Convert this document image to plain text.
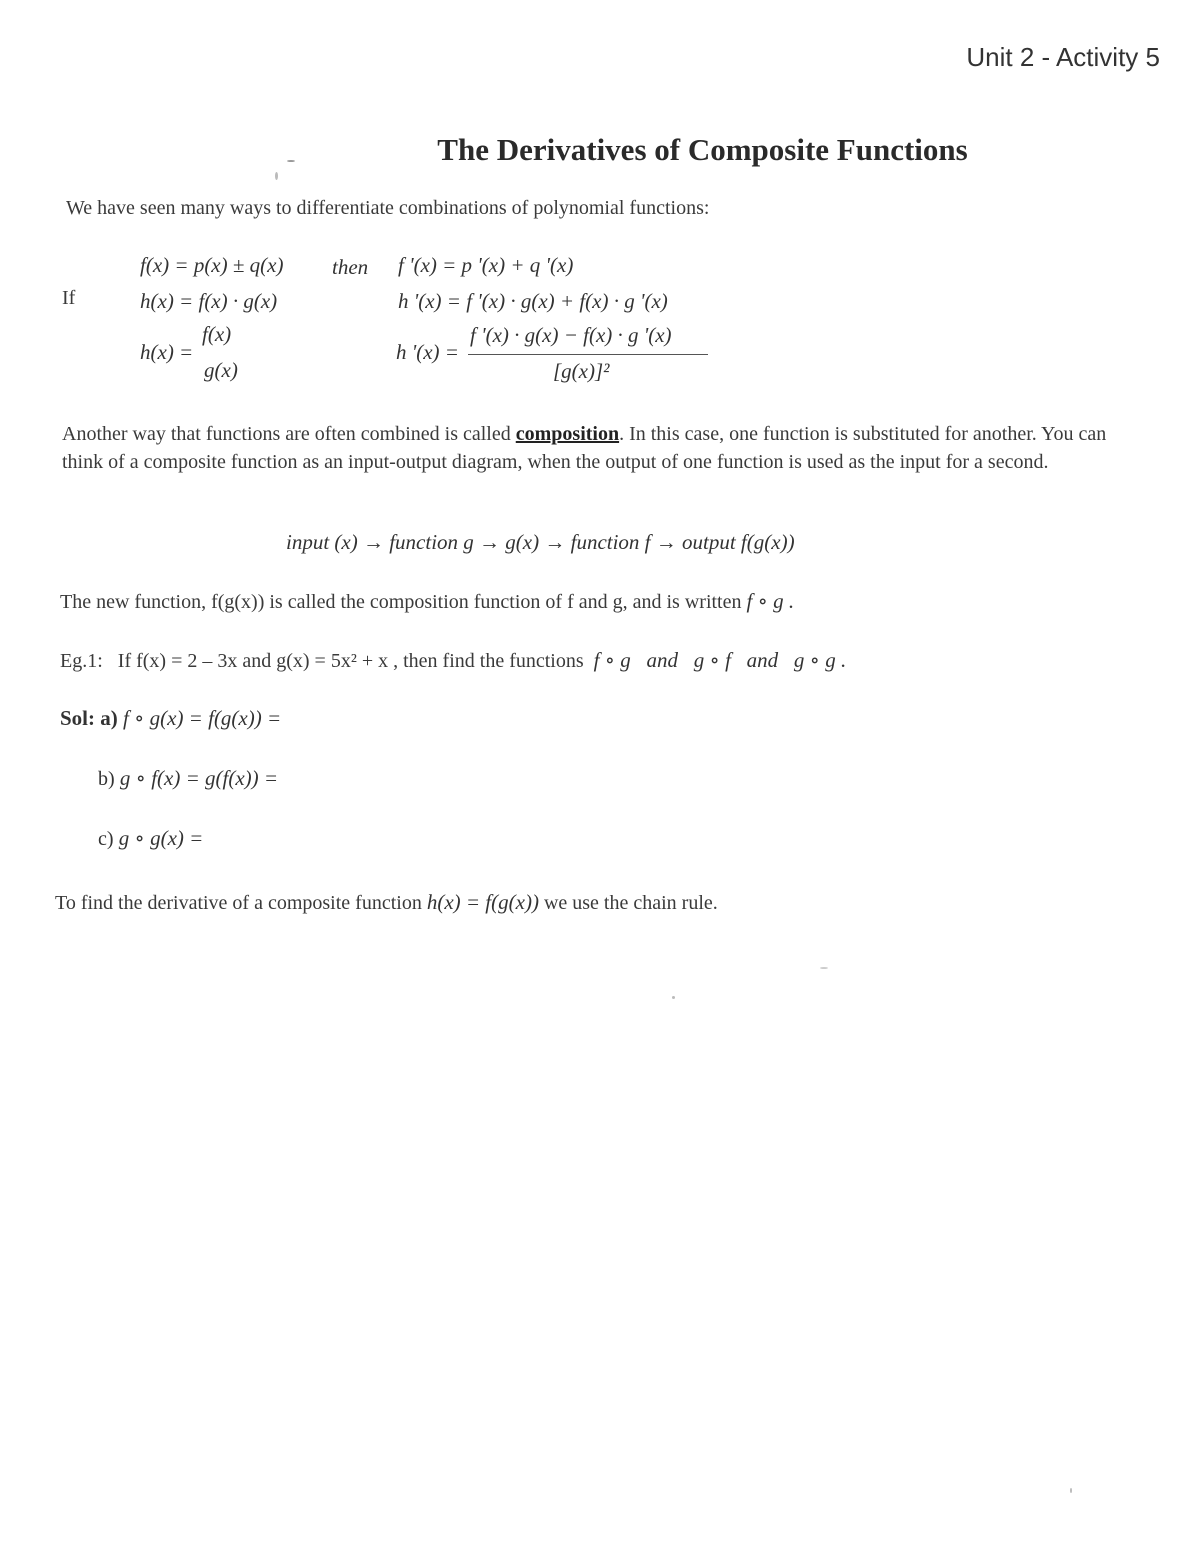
Unit 2 - Activity 5
The Derivatives of Composite Functions
We have seen many ways to differentiate combinations of polynomial functions:
If
f(x) = p(x) ± q(x) then f '(x) = p '(x) + q '(x)
h(x) = f(x) · g(x)	h '(x) = f '(x) · g(x) + f(x) · g '(x)
h(x) =
f(x)
g(x)
h '(x) =
f '(x) · g(x) − f(x) · g '(x)
[g(x)]²
Another way that functions are often combined is called composition. In this case, one function is substituted for another. You can think of a composite function as an input-output diagram, when the output of one function is used as the input for a second.
input (x) → function g → g(x) → function f → output f(g(x))
The new function, f(g(x)) is called the composition function of f and g, and is written f ∘ g .
Eg.1: If f(x) = 2 – 3x and g(x) = 5x² + x , then find the functions f ∘ g   and   g ∘ f   and   g ∘ g .
Sol: a) f ∘ g(x) = f(g(x)) =
b) g ∘ f(x) = g(f(x)) =
c) g ∘ g(x) =
To find the derivative of a composite function h(x) = f(g(x)) we use the chain rule.
